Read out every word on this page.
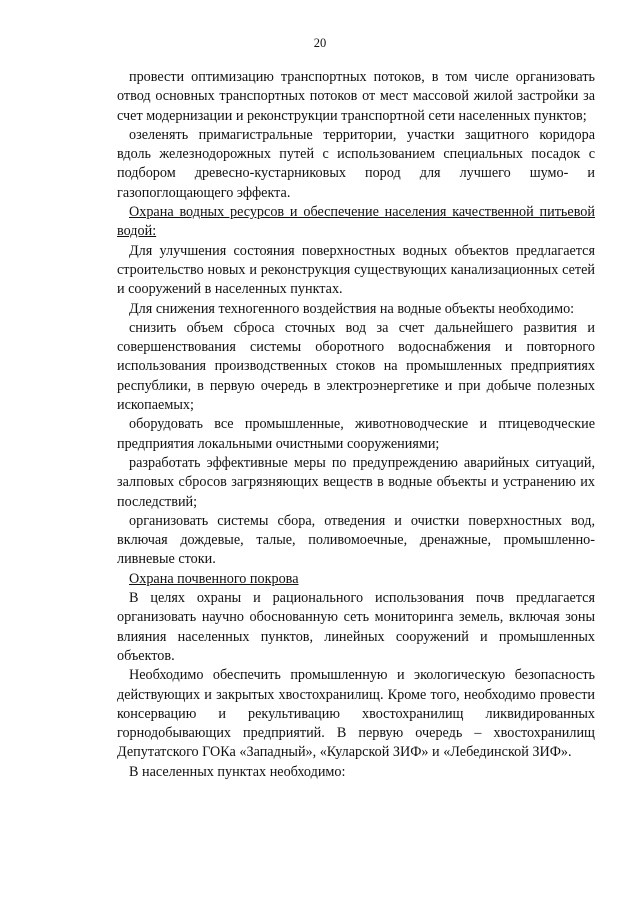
20

провести оптимизацию транспортных потоков, в том числе организовать отвод основных транспортных потоков от мест массовой жилой застройки за счет модернизации и реконструкции транспортной сети населенных пунктов;

озеленять примагистральные территории, участки защитного коридора вдоль железнодорожных путей с использованием специальных посадок с подбором древесно-кустарниковых пород для лучшего шумо- и газопоглощающего эффекта.

Охрана водных ресурсов и обеспечение населения качественной питьевой водой:

Для улучшения состояния поверхностных водных объектов предлагается строительство новых и реконструкция существующих канализационных сетей и сооружений в населенных пунктах.

Для снижения техногенного воздействия на водные объекты необходимо:

снизить объем сброса сточных вод за счет дальнейшего развития и совершенствования системы оборотного водоснабжения и повторного использования производственных стоков на промышленных предприятиях республики, в первую очередь в электроэнергетике и при добыче полезных ископаемых;

оборудовать все промышленные, животноводческие и птицеводческие предприятия локальными очистными сооружениями;

разработать эффективные меры по предупреждению аварийных ситуаций, залповых сбросов загрязняющих веществ в водные объекты и устранению их последствий;

организовать системы сбора, отведения и очистки поверхностных вод, включая дождевые, талые, поливомоечные, дренажные, промышленно-ливневые стоки.

Охрана почвенного покрова

В целях охраны и рационального использования почв предлагается организовать научно обоснованную сеть мониторинга земель, включая зоны влияния населенных пунктов, линейных сооружений и промышленных объектов.

Необходимо обеспечить промышленную и экологическую безопасность действующих и закрытых хвостохранилищ. Кроме того, необходимо провести консервацию и рекультивацию хвостохранилищ ликвидированных горнодобывающих предприятий. В первую очередь – хвостохранилищ Депутатского ГОКа «Западный», «Куларской ЗИФ» и «Лебединской ЗИФ».

В населенных пунктах необходимо:
